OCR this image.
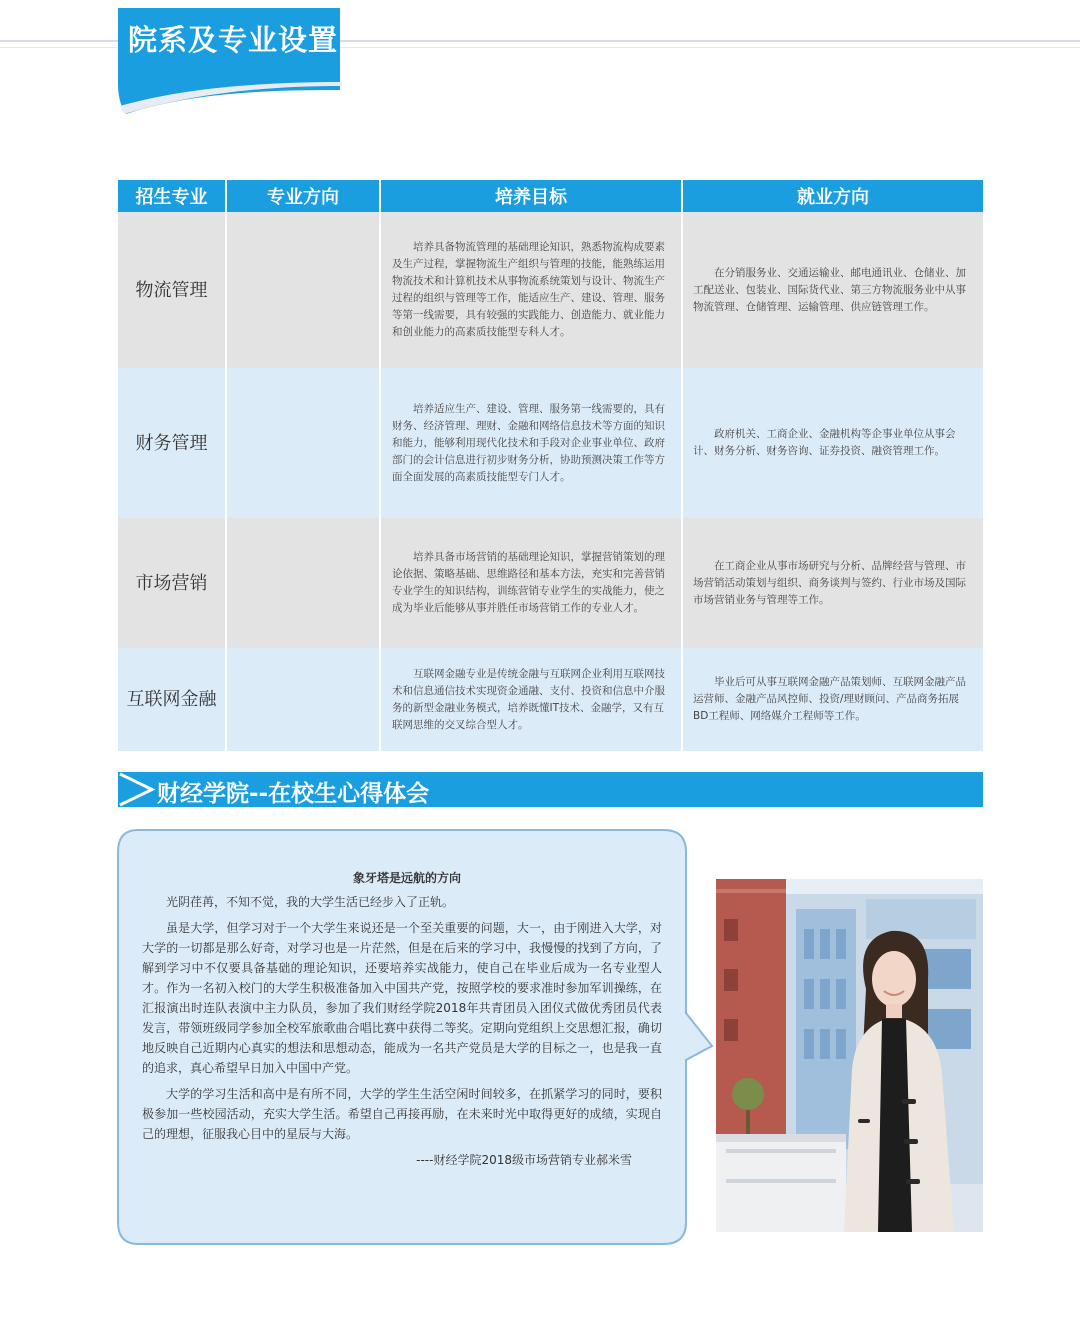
院系及专业设置
招生专业	专业方向	培养目标	就业方向
物流管理		培养具备物流管理的基础理论知识，熟悉物流构成要素及生产过程，掌握物流生产组织与管理的技能，能熟练运用物流技术和计算机技术从事物流系统策划与设计、物流生产过程的组织与管理等工作，能适应生产、建设、管理、服务等第一线需要，具有较强的实践能力、创造能力、就业能力和创业能力的高素质技能型专科人才。	在分销服务业、交通运输业、邮电通讯业、仓储业、加工配送业、包装业、国际货代业、第三方物流服务业中从事物流管理、仓储管理、运输管理、供应链管理工作。
财务管理		培养适应生产、建设、管理、服务第一线需要的，具有财务、经济管理、理财、金融和网络信息技术等方面的知识和能力，能够利用现代化技术和手段对企业事业单位、政府部门的会计信息进行初步财务分析，协助预测决策工作等方面全面发展的高素质技能型专门人才。	政府机关、工商企业、金融机构等企事业单位从事会计、财务分析、财务咨询、证券投资、融资管理工作。
市场营销		培养具备市场营销的基础理论知识，掌握营销策划的理论依据、策略基础、思维路径和基本方法，充实和完善营销专业学生的知识结构，训练营销专业学生的实战能力，使之成为毕业后能够从事并胜任市场营销工作的专业人才。	在工商企业从事市场研究与分析、品牌经营与管理、市场营销活动策划与组织、商务谈判与签约、行业市场及国际市场营销业务与管理等工作。
互联网金融		互联网金融专业是传统金融与互联网企业利用互联网技术和信息通信技术实现资金通融、支付、投资和信息中介服务的新型金融业务模式，培养既懂IT技术、金融学，又有互联网思维的交叉综合型人才。	毕业后可从事互联网金融产品策划师、互联网金融产品运营师、金融产品风控师、投资/理财顾问、产品商务拓展BD工程师、网络媒介工程师等工作。
财经学院--在校生心得体会
象牙塔是远航的方向

光阴荏苒，不知不觉，我的大学生活已经步入了正轨。

虽是大学，但学习对于一个大学生来说还是一个至关重要的问题，大一，由于刚进入大学，对大学的一切都是那么好奇，对学习也是一片茫然，但是在后来的学习中，我慢慢的找到了方向，了解到学习中不仅要具备基础的理论知识，还要培养实战能力，使自己在毕业后成为一名专业型人才。作为一名初入校门的大学生积极准备加入中国共产党，按照学校的要求准时参加军训操练，在汇报演出时连队表演中主力队员，参加了我们财经学院2018年共青团员入团仪式做优秀团员代表发言，带领班级同学参加全校军旅歌曲合唱比赛中获得二等奖。定期向党组织上交思想汇报，确切地反映自己近期内心真实的想法和思想动态，能成为一名共产党员是大学的目标之一，也是我一直的追求，真心希望早日加入中国中产党。

大学的学习生活和高中是有所不同，大学的学生生活空闲时间较多，在抓紧学习的同时，要积极参加一些校园活动，充实大学生活。希望自己再接再励，在未来时光中取得更好的成绩，实现自己的理想，征服我心目中的星辰与大海。

----财经学院2018级市场营销专业郝米雪
